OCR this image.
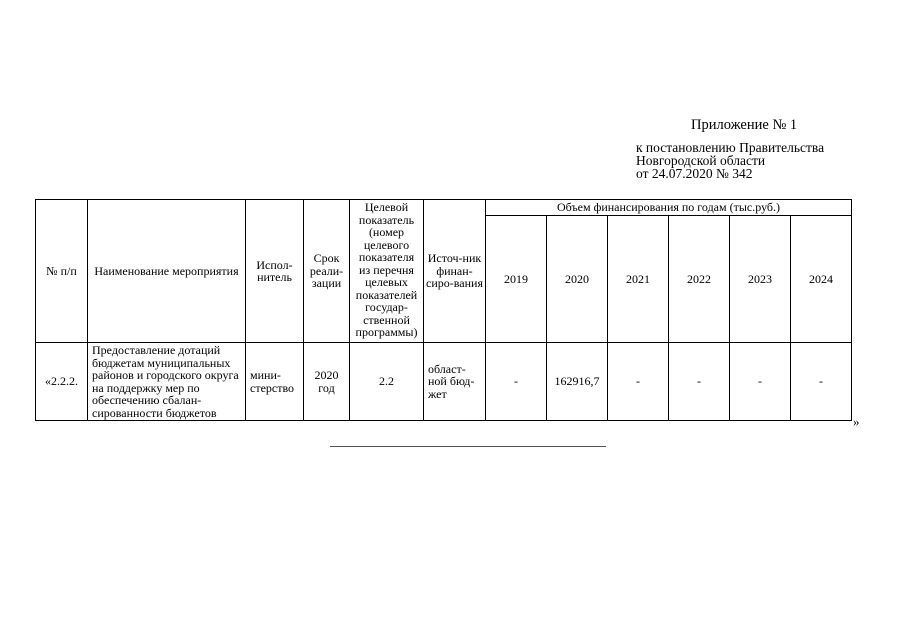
Приложение № 1
к постановлению Правительства
Новгородской области
от 24.07.2020 № 342
№ п/п	Наименование мероприятия	Испол-нитель	Срок реали-зации	Целевой показатель (номер целевого показателя из перечня целевых показателей государ-ственной программы)	Источ-ник финан-сиро-вания	Объем финансирования по годам (тыс.руб.)					
						2019	2020	2021	2022	2023	2024
«2.2.2.	Предоставление дотаций бюджетам муниципальных районов и городского округа на поддержку мер по обеспечению сбалан-сированности бюджетов	мини-стерство	2020 год	2.2	област-ной бюд-жет	-	162916,7	-	-	-	-
»
